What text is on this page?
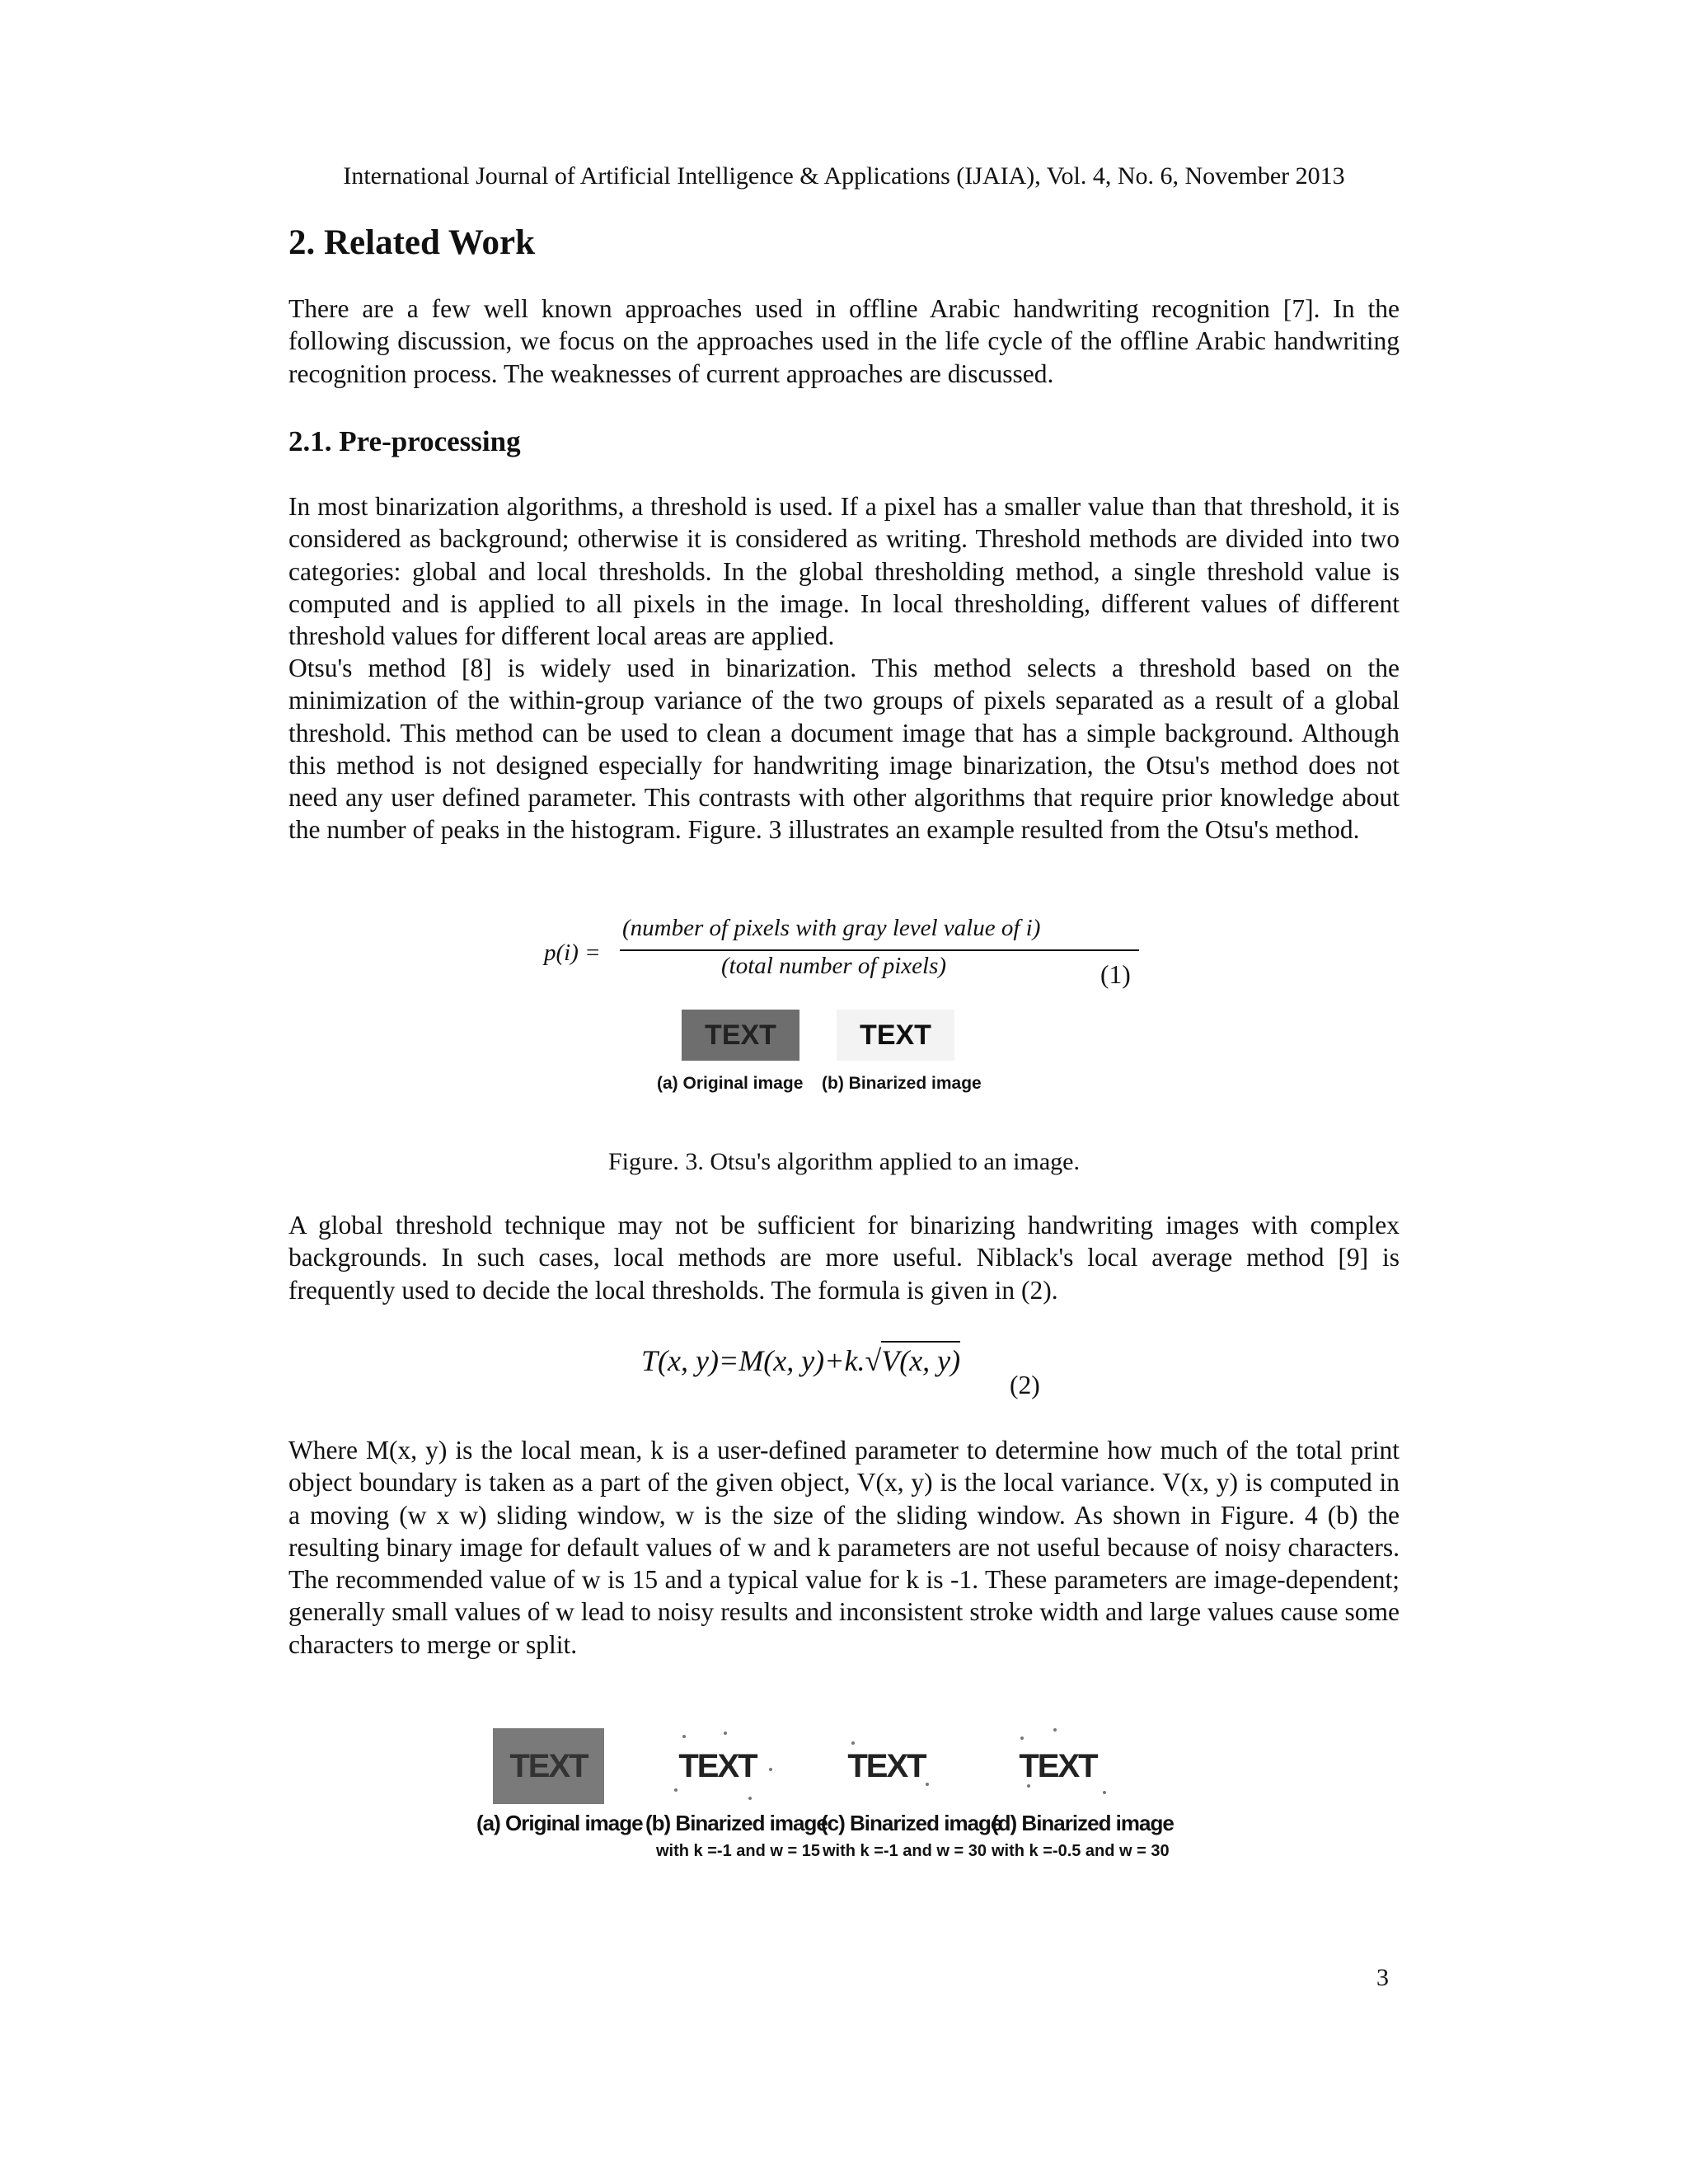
International Journal of Artificial Intelligence & Applications (IJAIA), Vol. 4, No. 6, November 2013
2. Related Work

There are a few well known approaches used in offline Arabic handwriting recognition [7]. In the following discussion, we focus on the approaches used in the life cycle of the offline Arabic handwriting recognition process. The weaknesses of current approaches are discussed.

2.1. Pre-processing

In most binarization algorithms, a threshold is used. If a pixel has a smaller value than that threshold, it is considered as background; otherwise it is considered as writing. Threshold methods are divided into two categories: global and local thresholds. In the global thresholding method, a single threshold value is computed and is applied to all pixels in the image. In local thresholding, different values of different threshold values for different local areas are applied.

Otsu's method [8] is widely used in binarization. This method selects a threshold based on the minimization of the within-group variance of the two groups of pixels separated as a result of a global threshold. This method can be used to clean a document image that has a simple background. Although this method is not designed especially for handwriting image binarization, the Otsu's method does not need any user defined parameter. This contrasts with other algorithms that require prior knowledge about the number of peaks in the histogram. Figure. 3 illustrates an example resulted from the Otsu's method.

p(i) =
(number of pixels with gray level value of i)
(total number of pixels)	(1)
TEXT	TEXT
(a) Original image (b) Binarized image
Figure. 3. Otsu's algorithm applied to an image.

A global threshold technique may not be sufficient for binarizing handwriting images with complex backgrounds. In such cases, local methods are more useful. Niblack's local average method [9] is frequently used to decide the local thresholds. The formula is given in (2).

T(x, y)=M(x, y)+k.√V(x, y)
(2)

Where M(x, y) is the local mean, k is a user-defined parameter to determine how much of the total print object boundary is taken as a part of the given object, V(x, y) is the local variance. V(x, y) is computed in a moving (w x w) sliding window, w is the size of the sliding window. As shown in Figure. 4 (b) the resulting binary image for default values of w and k parameters are not useful because of noisy characters. The recommended value of w is 15 and a typical value for k is -1. These parameters are image-dependent; generally small values of w lead to noisy results and inconsistent stroke width and large values cause some characters to merge or split.

TEXT	TEXT	TEXT	TEXT
(a) Original image (b) Binarized image
(c) Binarized image
(d) Binarized image
with k =-1 and w = 15 with k =-1 and w = 30 with k =-0.5 and w = 30
3
